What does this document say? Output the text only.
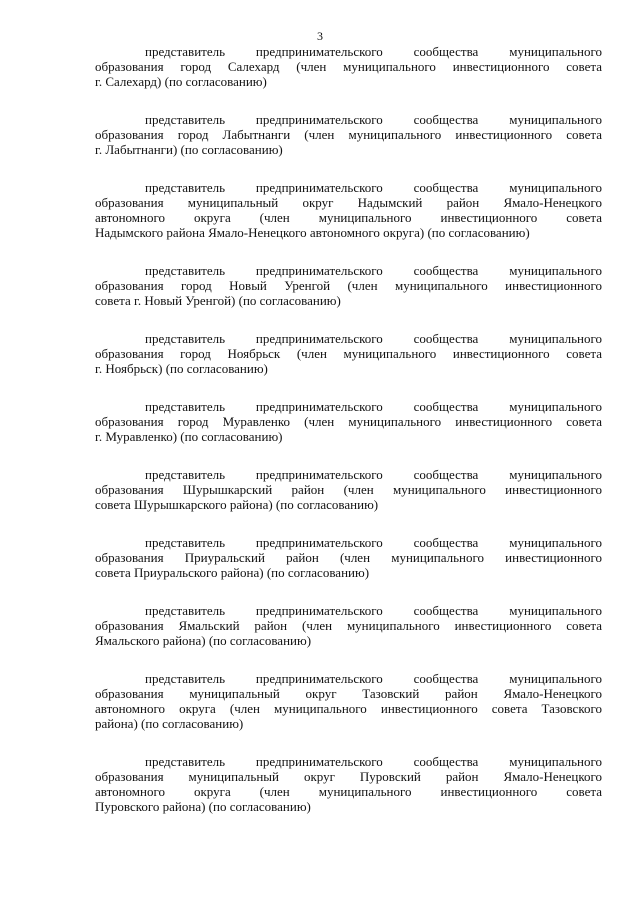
3
представитель предпринимательского сообщества муниципального
образования город Салехард (член муниципального инвестиционного совета
г. Салехард) (по согласованию)
представитель предпринимательского сообщества муниципального
образования город Лабытнанги (член муниципального инвестиционного совета
г. Лабытнанги) (по согласованию)
представитель предпринимательского сообщества муниципального
образования муниципальный округ Надымский район Ямало-Ненецкого
автономного округа (член муниципального инвестиционного совета
Надымского района Ямало-Ненецкого автономного округа) (по согласованию)
представитель предпринимательского сообщества муниципального
образования город Новый Уренгой (член муниципального инвестиционного
совета г. Новый Уренгой) (по согласованию)
представитель предпринимательского сообщества муниципального
образования город Ноябрьск (член муниципального инвестиционного совета
г. Ноябрьск) (по согласованию)
представитель предпринимательского сообщества муниципального
образования город Муравленко (член муниципального инвестиционного совета
г. Муравленко) (по согласованию)
представитель предпринимательского сообщества муниципального
образования Шурышкарский район (член муниципального инвестиционного
совета Шурышкарского района) (по согласованию)
представитель предпринимательского сообщества муниципального
образования Приуральский район (член муниципального инвестиционного
совета Приуральского района) (по согласованию)
представитель предпринимательского сообщества муниципального
образования Ямальский район (член муниципального инвестиционного совета
Ямальского района) (по согласованию)
представитель предпринимательского сообщества муниципального
образования муниципальный округ Тазовский район Ямало-Ненецкого
автономного округа (член муниципального инвестиционного совета Тазовского
района) (по согласованию)
представитель предпринимательского сообщества муниципального
образования муниципальный округ Пуровский район Ямало-Ненецкого
автономного округа (член муниципального инвестиционного совета
Пуровского района) (по согласованию)
